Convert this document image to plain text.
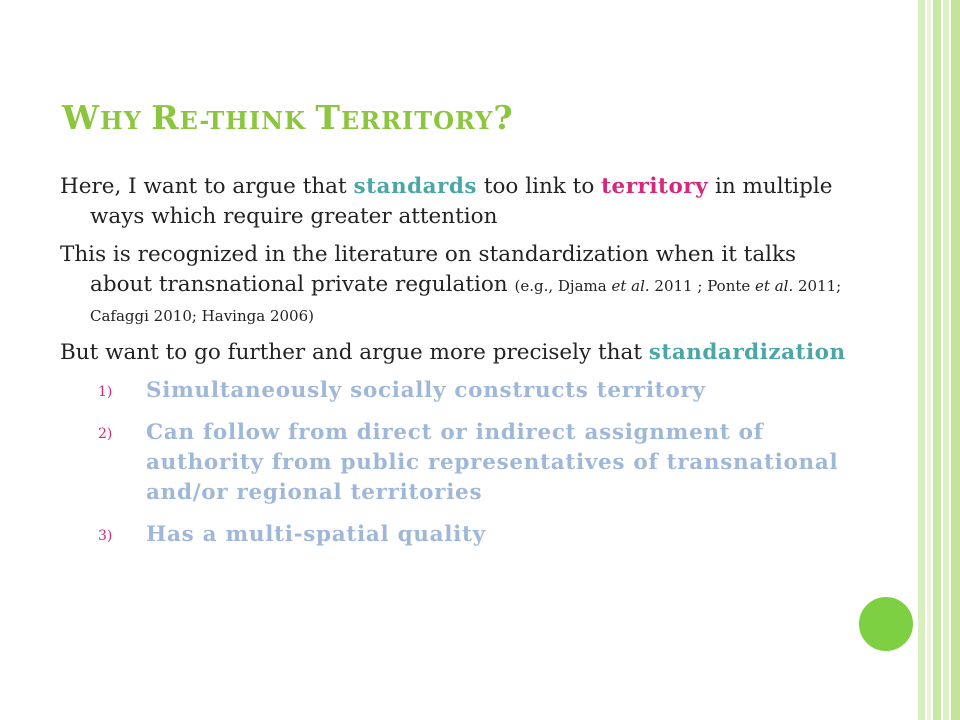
WHY RE-THINK TERRITORY?

Here, I want to argue that standards too link to territory in multiple ways which require greater attention

This is recognized in the literature on standardization when it talks about transnational private regulation (e.g., Djama et al. 2011 ; Ponte et al. 2011; Cafaggi 2010; Havinga 2006)

But want to go further and argue more precisely that standardization

1) Simultaneously socially constructs territory
2) Can follow from direct or indirect assignment of authority from public representatives of transnational and/or regional territories
3) Has a multi-spatial quality
